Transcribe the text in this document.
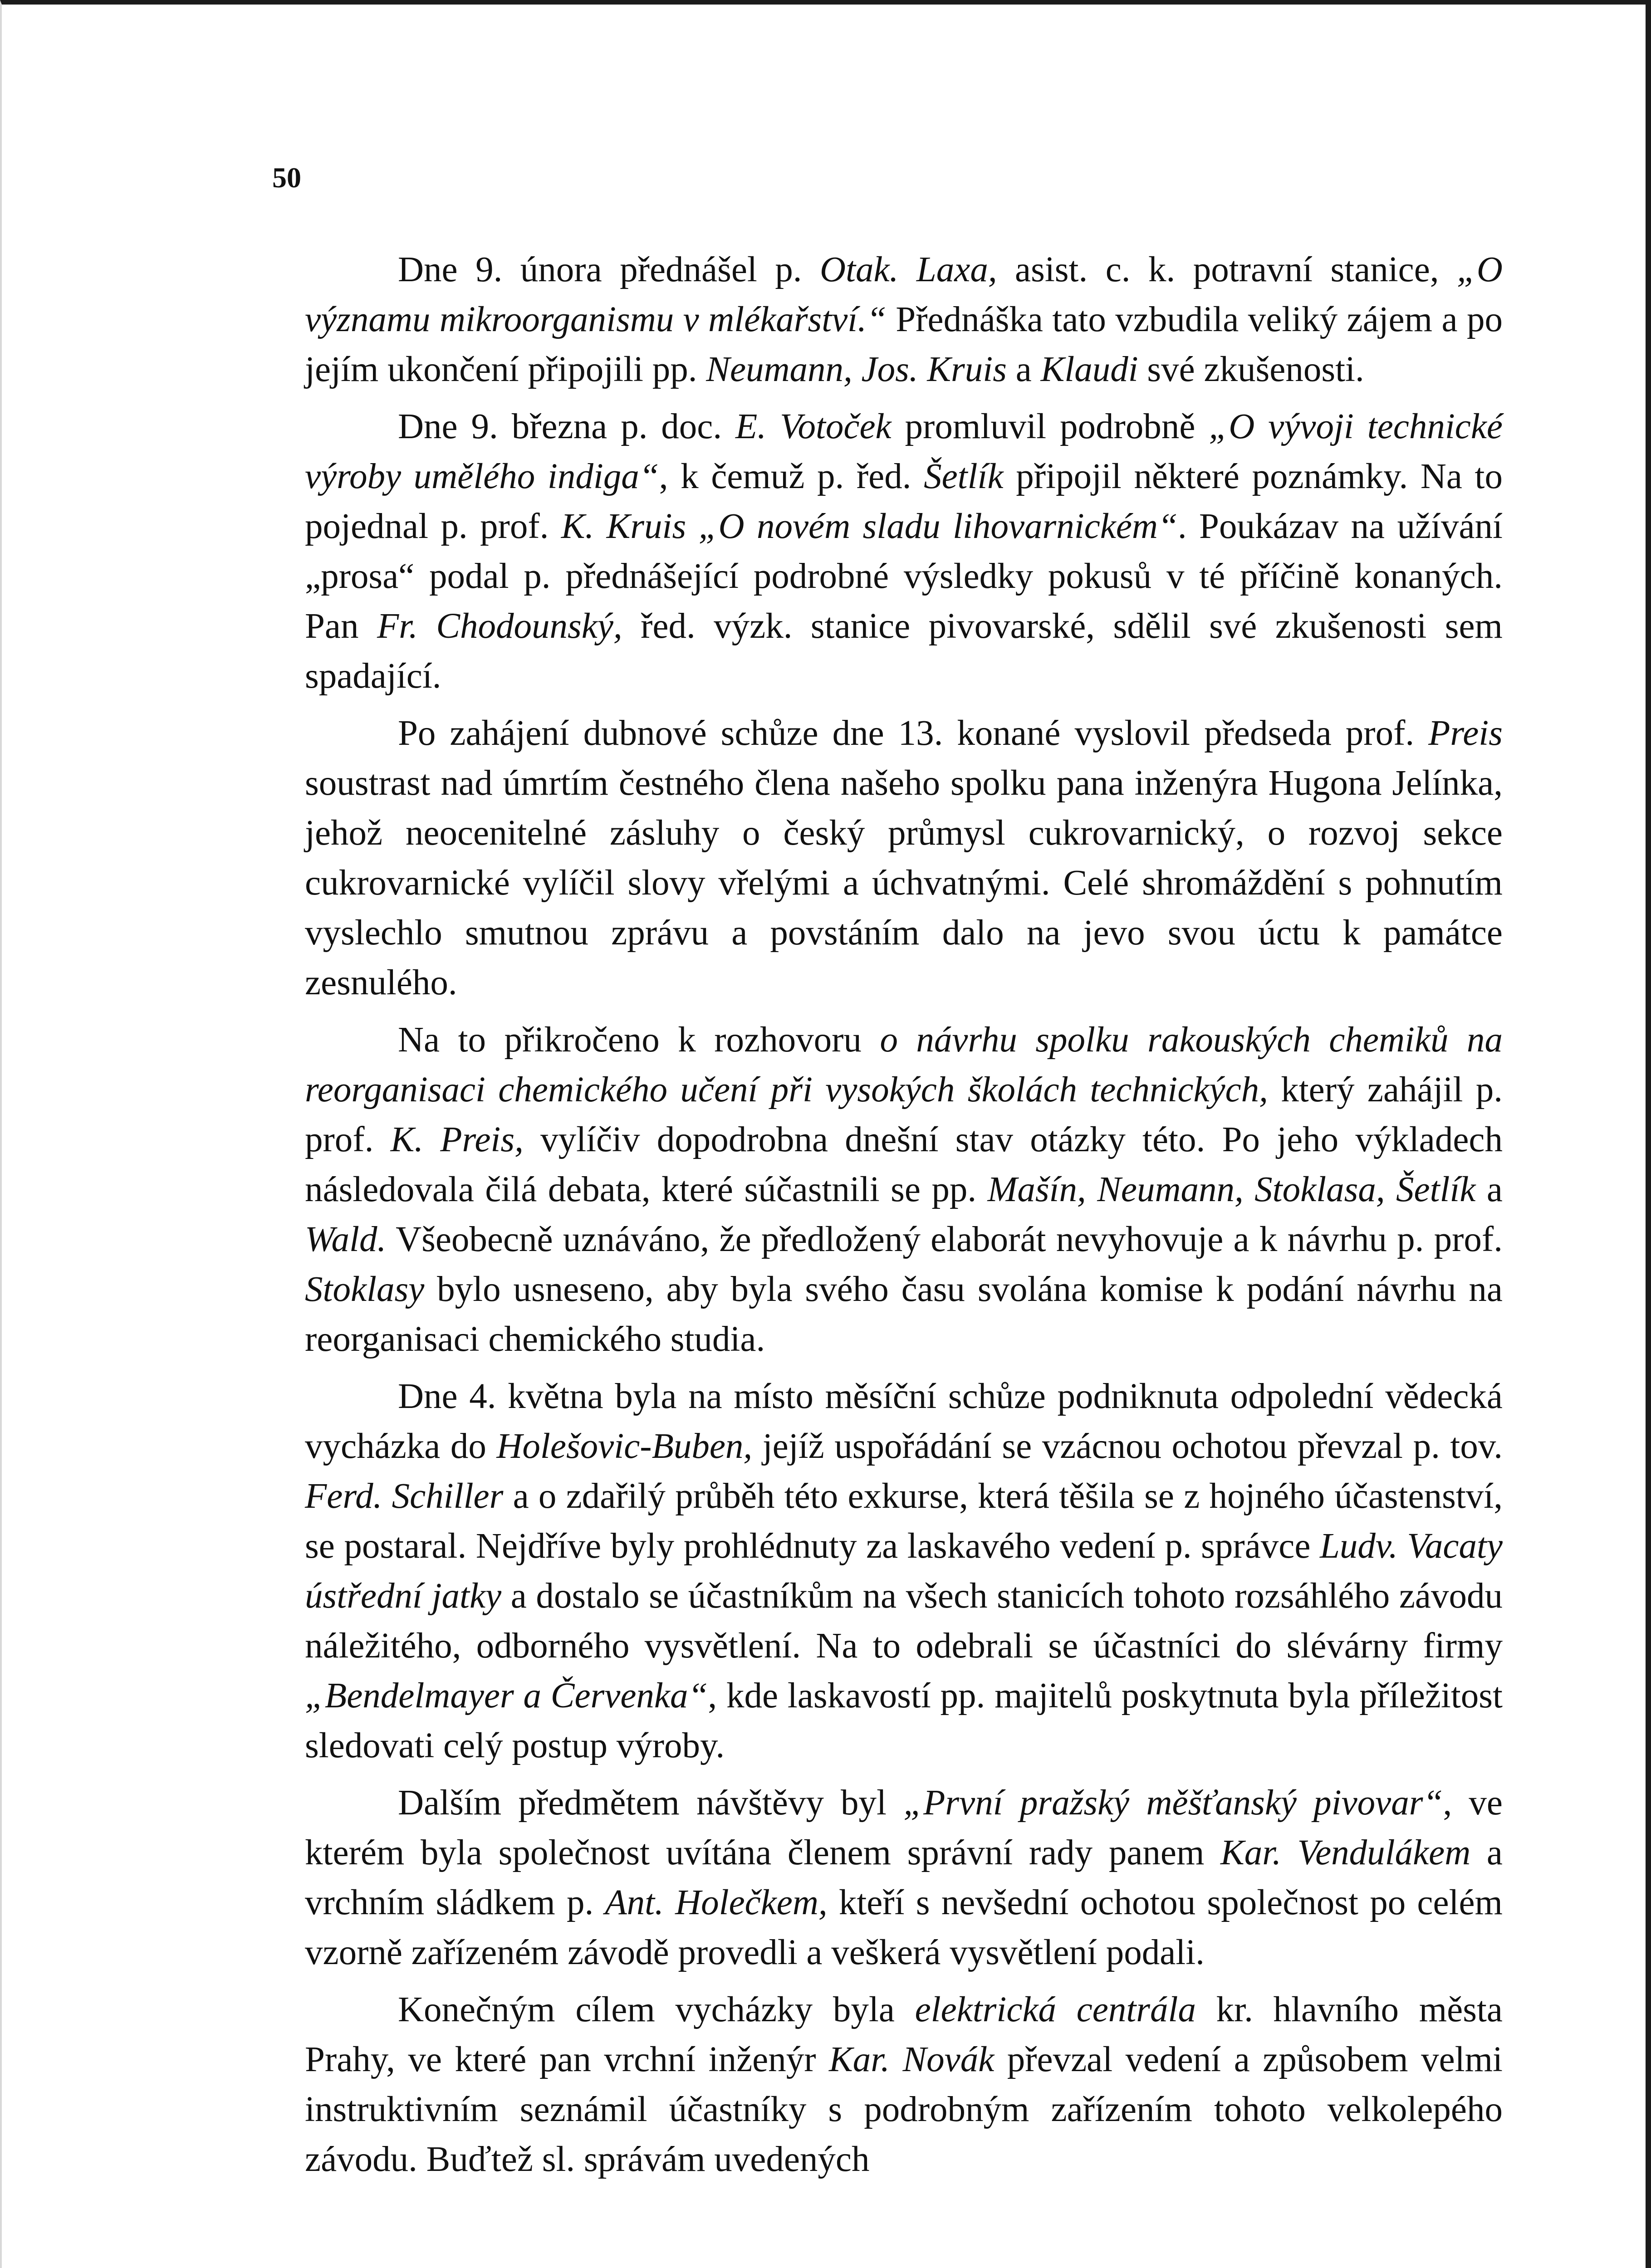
50

Dne 9. února přednášel p. Otak. Laxa, asist. c. k. potravní stanice, „O významu mikroorganismu v mlékařství.“ Přednáška tato vzbudila veliký zájem a po jejím ukončení připojili pp. Neumann, Jos. Kruis a Klaudi své zkušenosti.

Dne 9. března p. doc. E. Votoček promluvil podrobně „O vývoji technické výroby umělého indiga“, k čemuž p. řed. Šetlík připojil některé poznámky. Na to pojednal p. prof. K. Kruis „O novém sladu lihovarnickém“. Poukázav na užívání „prosa“ podal p. přednášející podrobné výsledky pokusů v té příčině konaných. Pan Fr. Chodounský, řed. výzk. stanice pivovarské, sdělil své zkušenosti sem spadající.

Po zahájení dubnové schůze dne 13. konané vyslovil předseda prof. Preis soustrast nad úmrtím čestného člena našeho spolku pana inženýra Hugona Jelínka, jehož neocenitelné zásluhy o český průmysl cukrovarnický, o rozvoj sekce cukrovarnické vylíčil slovy vřelými a úchvatnými. Celé shromáždění s pohnutím vyslechlo smutnou zprávu a povstáním dalo na jevo svou úctu k památce zesnulého.

Na to přikročeno k rozhovoru o návrhu spolku rakouských chemiků na reorganisaci chemického učení při vysokých školách technických, který zahájil p. prof. K. Preis, vylíčiv dopodrobna dnešní stav otázky této. Po jeho výkladech následovala čilá debata, které súčastnili se pp. Mašín, Neumann, Stoklasa, Šetlík a Wald. Všeobecně uznáváno, že předložený elaborát nevyhovuje a k návrhu p. prof. Stoklasy bylo usneseno, aby byla svého času svolána komise k podání návrhu na reorganisaci chemického studia.

Dne 4. května byla na místo měsíční schůze podniknuta odpolední vědecká vycházka do Holešovic-Buben, jejíž uspořádání se vzácnou ochotou převzal p. tov. Ferd. Schiller a o zdařilý průběh této exkurse, která těšila se z hojného účastenství, se postaral. Nejdříve byly prohlédnuty za laskavého vedení p. správce Ludv. Vacaty ústřední jatky a dostalo se účastníkům na všech stanicích tohoto rozsáhlého závodu náležitého, odborného vysvětlení. Na to odebrali se účastníci do slévárny firmy „Bendelmayer a Červenka“, kde laskavostí pp. majitelů poskytnuta byla příležitost sledovati celý postup výroby.

Dalším předmětem návštěvy byl „První pražský měšťanský pivovar“, ve kterém byla společnost uvítána členem správní rady panem Kar. Vendulákem a vrchním sládkem p. Ant. Holečkem, kteří s nevšední ochotou společnost po celém vzorně zařízeném závodě provedli a veškerá vysvětlení podali.

Konečným cílem vycházky byla elektrická centrála kr. hlavního města Prahy, ve které pan vrchní inženýr Kar. Novák převzal vedení a způsobem velmi instruktivním seznámil účastníky s podrobným zařízením tohoto velkolepého závodu. Buďtež sl. správám uvedených
